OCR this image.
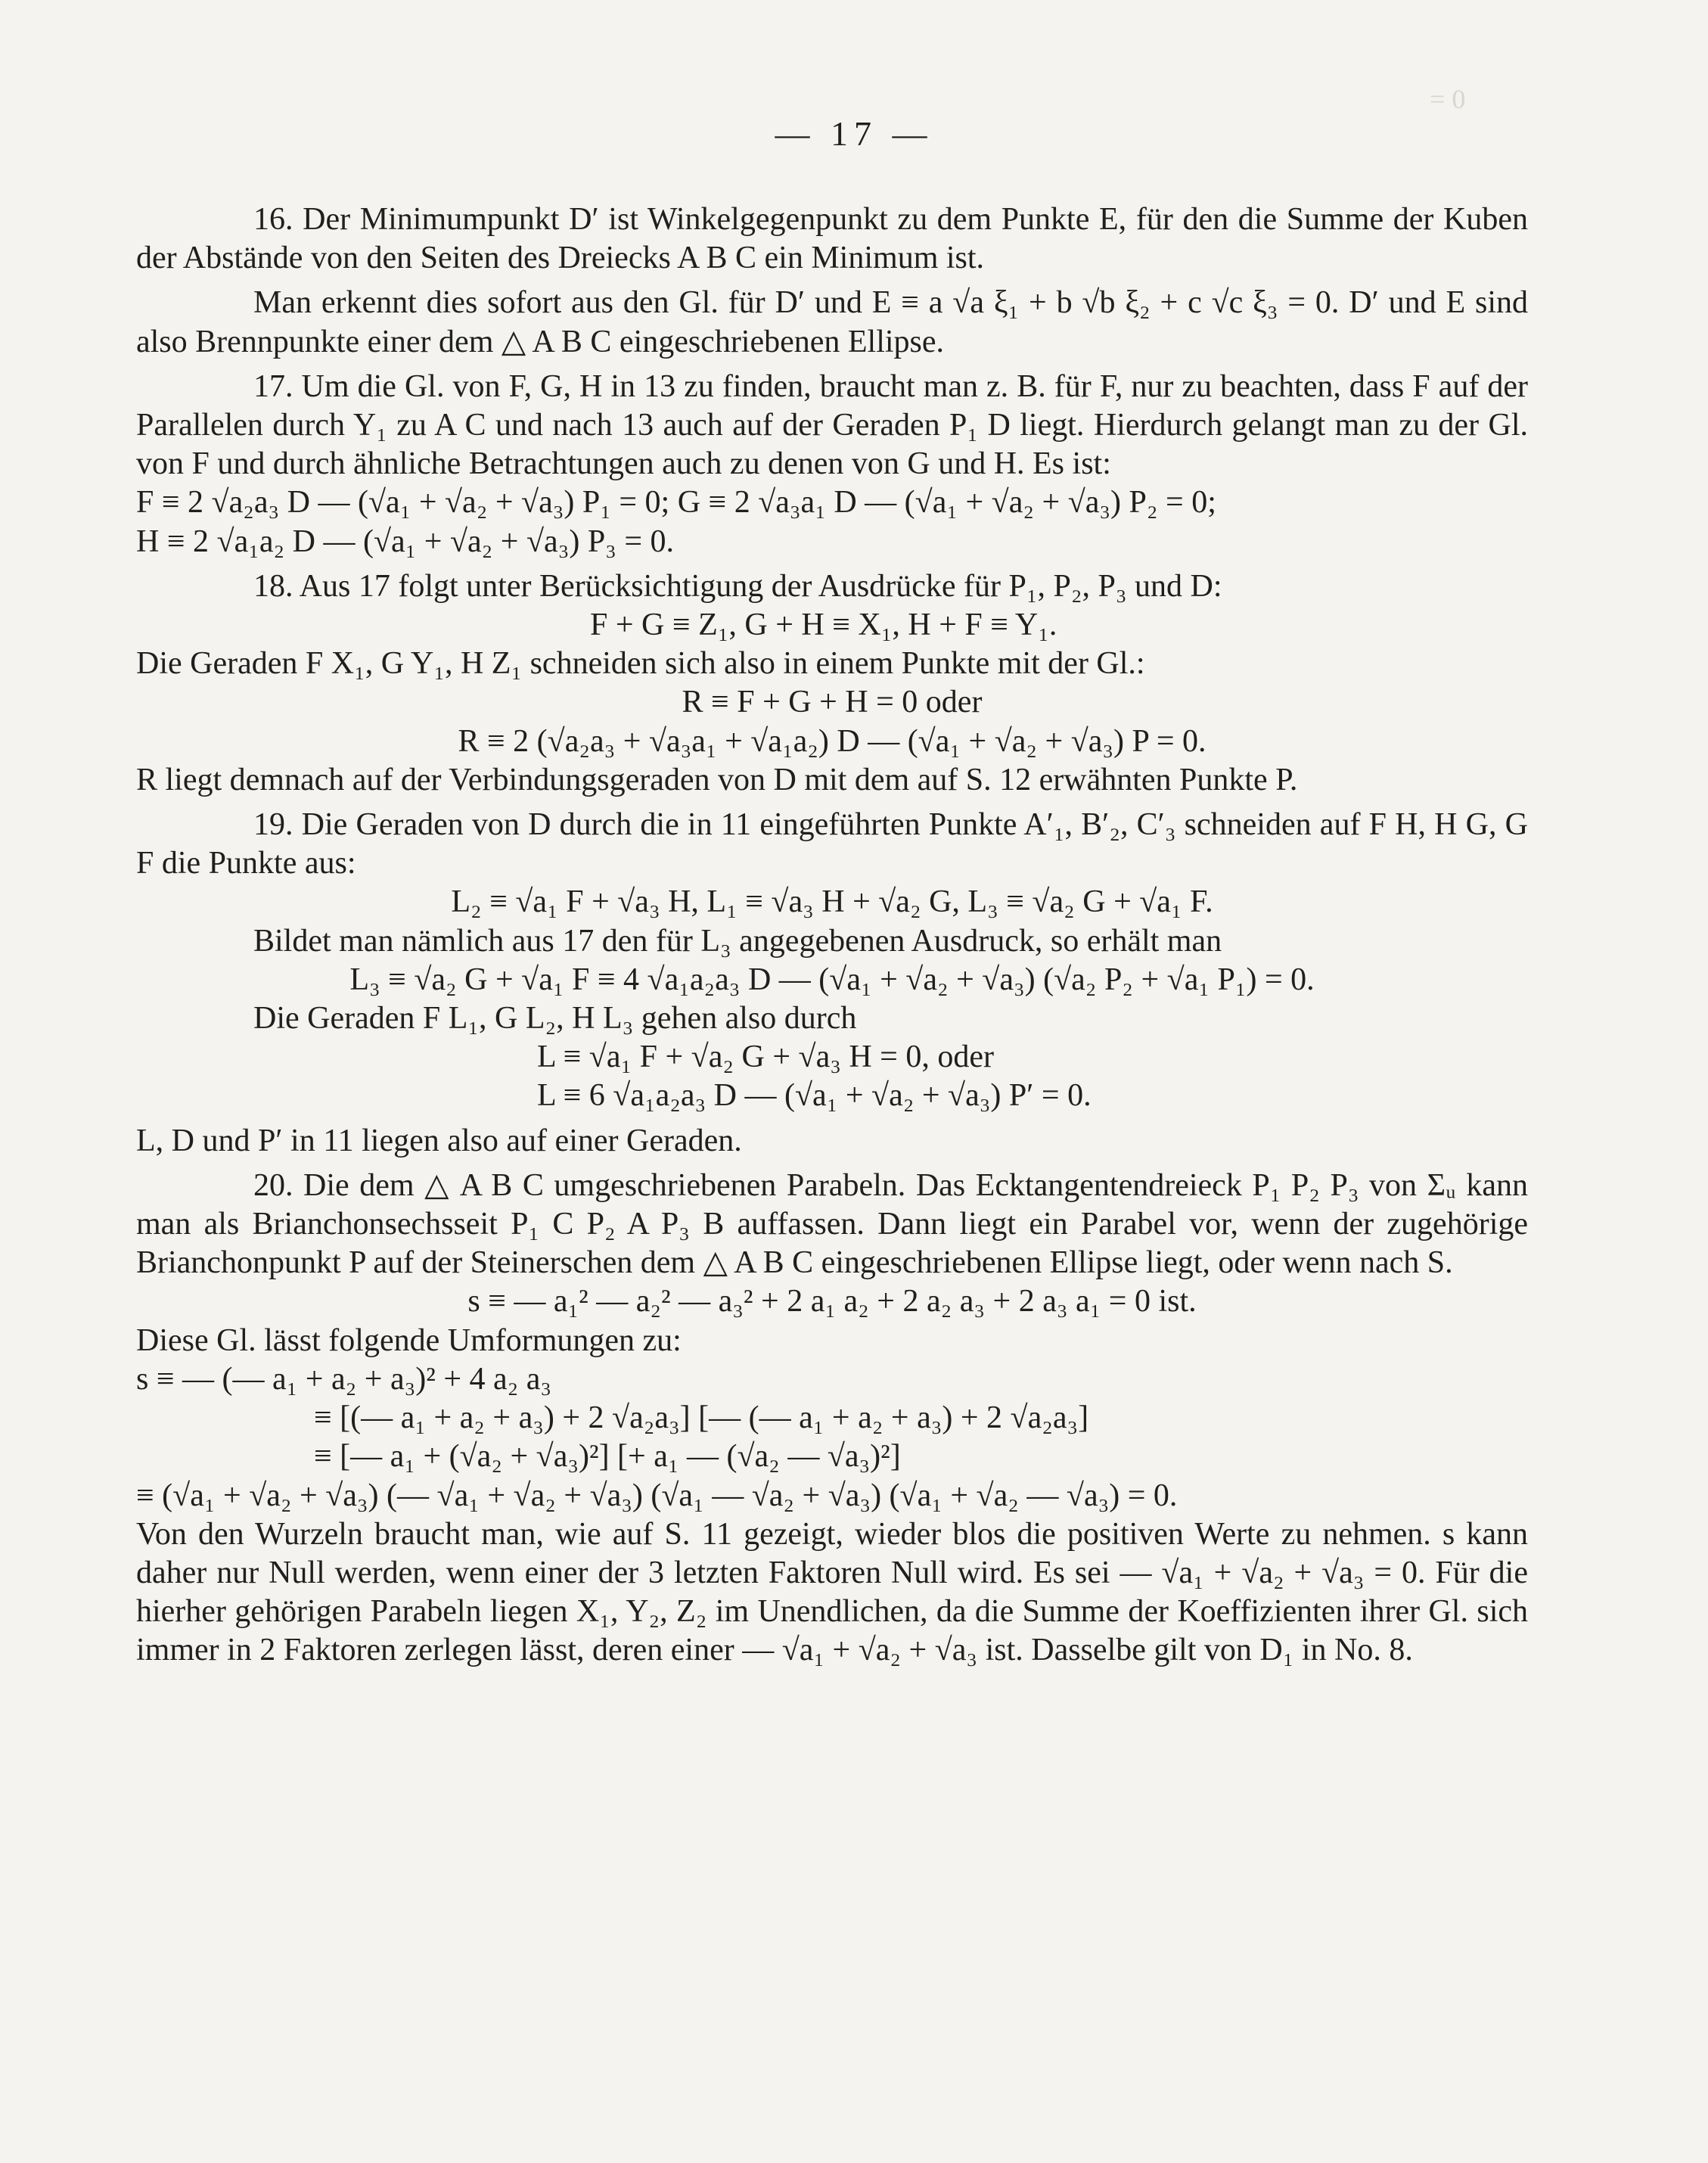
0 =
— 17 —

16. Der Minimumpunkt D′ ist Winkelgegenpunkt zu dem Punkte E, für den die Summe der Kuben der Abstände von den Seiten des Dreiecks A B C ein Minimum ist.

Man erkennt dies sofort aus den Gl. für D′ und E ≡ a √a ξ₁ + b √b ξ₂ + c √c ξ₃ = 0. D′ und E sind also Brennpunkte einer dem △ A B C eingeschriebenen Ellipse.

17. Um die Gl. von F, G, H in 13 zu finden, braucht man z. B. für F, nur zu beachten, dass F auf der Parallelen durch Y₁ zu A C und nach 13 auch auf der Geraden P₁ D liegt. Hierdurch gelangt man zu der Gl. von F und durch ähnliche Betrachtungen auch zu denen von G und H. Es ist:

F ≡ 2 √a₂a₃ D — (√a₁ + √a₂ + √a₃) P₁ = 0; G ≡ 2 √a₃a₁ D — (√a₁ + √a₂ + √a₃) P₂ = 0;

H ≡ 2 √a₁a₂ D — (√a₁ + √a₂ + √a₃) P₃ = 0.

18. Aus 17 folgt unter Berücksichtigung der Ausdrücke für P₁, P₂, P₃ und D:

F + G ≡ Z₁, G + H ≡ X₁, H + F ≡ Y₁.

Die Geraden F X₁, G Y₁, H Z₁ schneiden sich also in einem Punkte mit der Gl.:

R ≡ F + G + H = 0 oder

R ≡ 2 (√a₂a₃ + √a₃a₁ + √a₁a₂) D — (√a₁ + √a₂ + √a₃) P = 0.

R liegt demnach auf der Verbindungsgeraden von D mit dem auf S. 12 erwähnten Punkte P.

19. Die Geraden von D durch die in 11 eingeführten Punkte A′₁, B′₂, C′₃ schneiden auf F H, H G, G F die Punkte aus:

L₂ ≡ √a₁ F + √a₃ H, L₁ ≡ √a₃ H + √a₂ G, L₃ ≡ √a₂ G + √a₁ F.

Bildet man nämlich aus 17 den für L₃ angegebenen Ausdruck, so erhält man

L₃ ≡ √a₂ G + √a₁ F ≡ 4 √a₁a₂a₃ D — (√a₁ + √a₂ + √a₃) (√a₂ P₂ + √a₁ P₁) = 0.

Die Geraden F L₁, G L₂, H L₃ gehen also durch

L ≡ √a₁ F + √a₂ G + √a₃ H = 0, oder

L ≡ 6 √a₁a₂a₃ D — (√a₁ + √a₂ + √a₃) P′ = 0.

L, D und P′ in 11 liegen also auf einer Geraden.

20. Die dem △ A B C umgeschriebenen Parabeln. Das Ecktangentendreieck P₁ P₂ P₃ von Σᵤ kann man als Brianchonsechsseit P₁ C P₂ A P₃ B auffassen. Dann liegt ein Parabel vor, wenn der zugehörige Brianchonpunkt P auf der Steinerschen dem △ A B C eingeschriebenen Ellipse liegt, oder wenn nach S.

s ≡ — a₁² — a₂² — a₃² + 2 a₁ a₂ + 2 a₂ a₃ + 2 a₃ a₁ = 0 ist.

Diese Gl. lässt folgende Umformungen zu:

s ≡ — (— a₁ + a₂ + a₃)² + 4 a₂ a₃

≡ [(— a₁ + a₂ + a₃) + 2 √a₂a₃] [— (— a₁ + a₂ + a₃) + 2 √a₂a₃]

≡ [— a₁ + (√a₂ + √a₃)²] [+ a₁ — (√a₂ — √a₃)²]

≡ (√a₁ + √a₂ + √a₃) (— √a₁ + √a₂ + √a₃) (√a₁ — √a₂ + √a₃) (√a₁ + √a₂ — √a₃) = 0.

Von den Wurzeln braucht man, wie auf S. 11 gezeigt, wieder blos die positiven Werte zu nehmen. s kann daher nur Null werden, wenn einer der 3 letzten Faktoren Null wird. Es sei — √a₁ + √a₂ + √a₃ = 0. Für die hierher gehörigen Parabeln liegen X₁, Y₂, Z₂ im Unendlichen, da die Summe der Koeffizienten ihrer Gl. sich immer in 2 Faktoren zerlegen lässt, deren einer — √a₁ + √a₂ + √a₃ ist. Dasselbe gilt von D₁ in No. 8.
